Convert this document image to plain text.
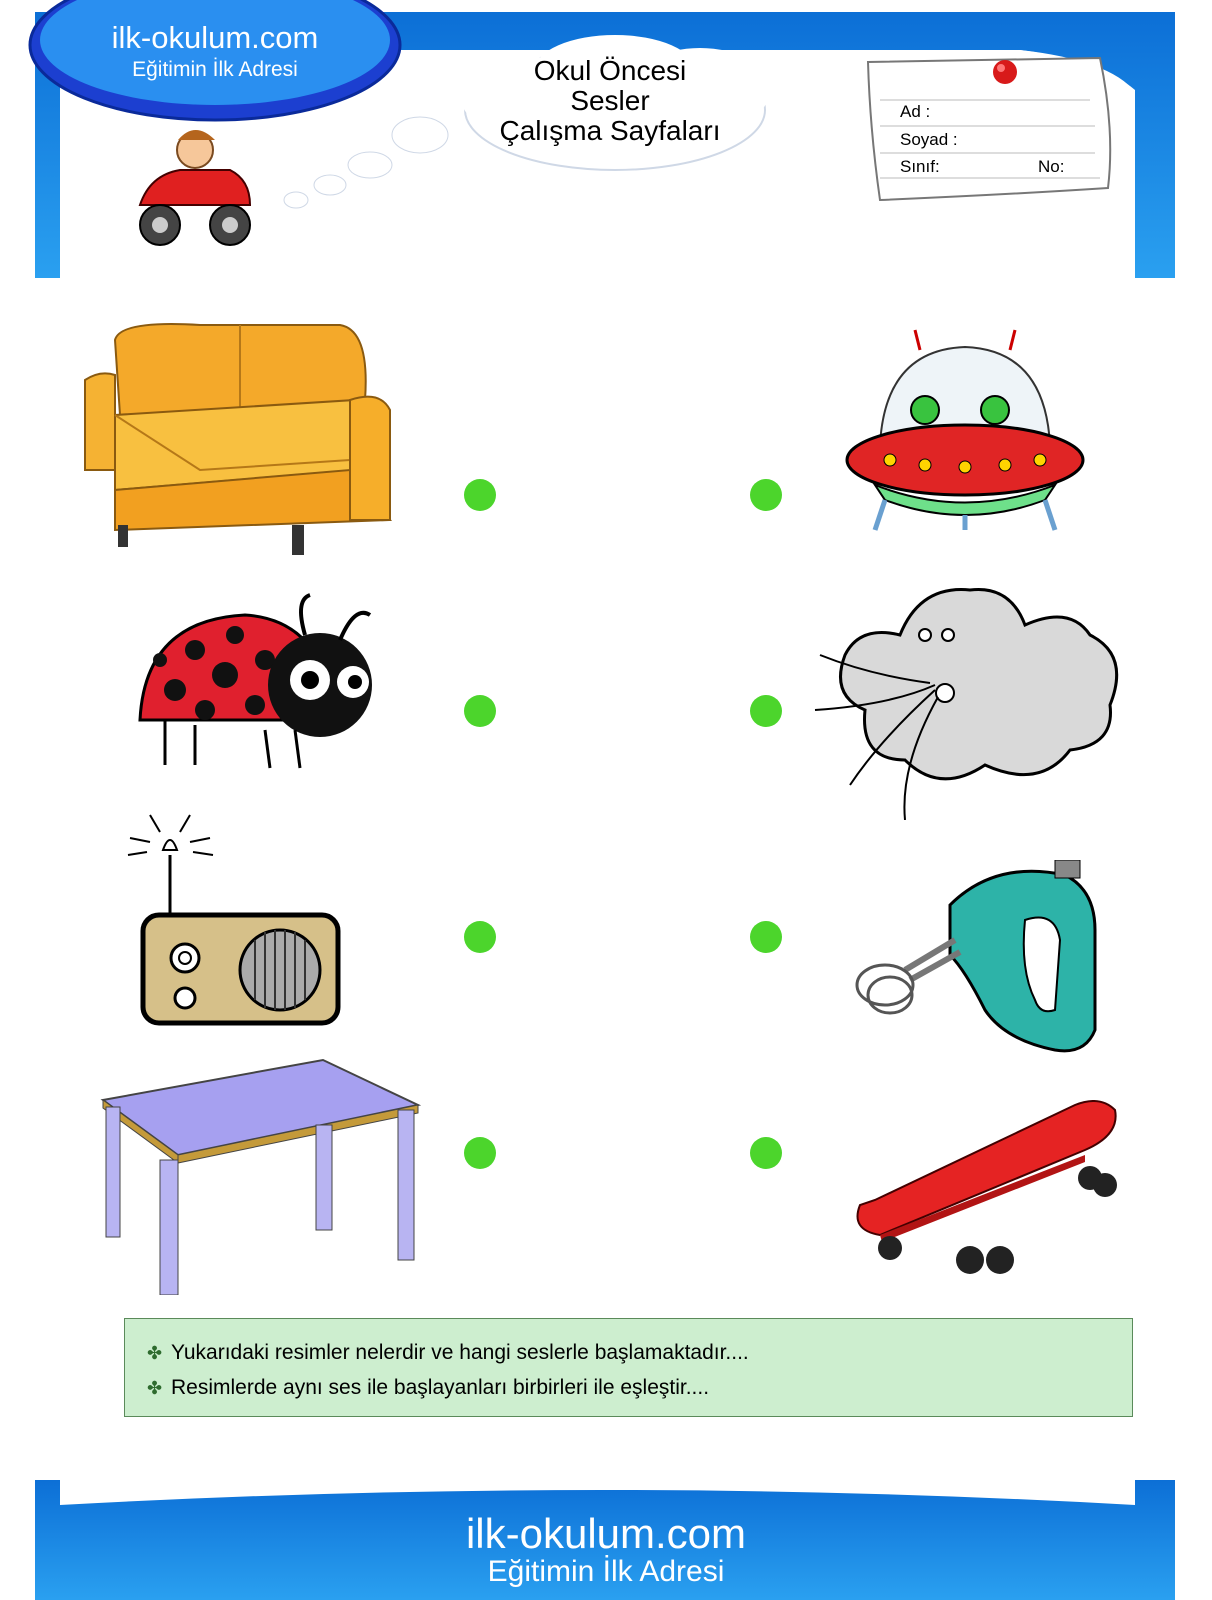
ilk-okulum.com
Eğitimin İlk Adresi	Okul Öncesi
Sesler
Çalışma Sayfaları
Ad :
Soyad :
Sınıf:	No:
✤ Yukarıdaki resimler nelerdir ve hangi seslerle başlamaktadır....
✤ Resimlerde aynı ses ile başlayanları birbirleri ile eşleştir....
ilk-okulum.com
Eğitimin İlk Adresi
